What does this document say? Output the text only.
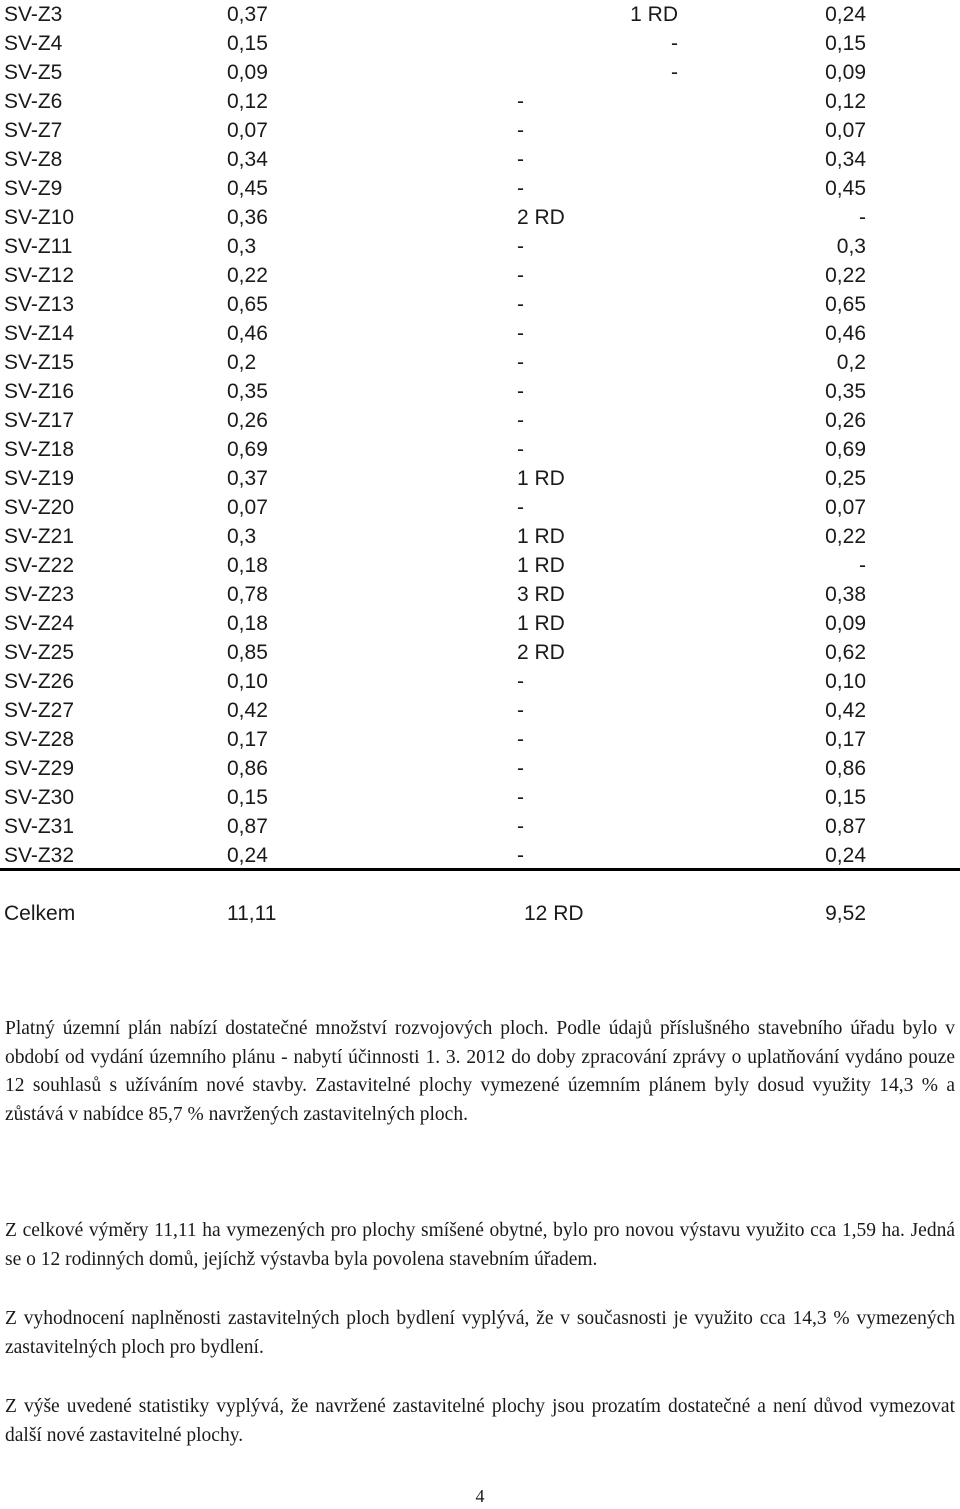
SV-Z3	0,37	1 RD	0,24
SV-Z4	0,15	-	0,15
SV-Z5	0,09	-	0,09
SV-Z6	0,12	-	0,12
SV-Z7	0,07	-	0,07
SV-Z8	0,34	-	0,34
SV-Z9	0,45	-	0,45
SV-Z10	0,36	2 RD	-
SV-Z11	0,3	-	0,3
SV-Z12	0,22	-	0,22
SV-Z13	0,65	-	0,65
SV-Z14	0,46	-	0,46
SV-Z15	0,2	-	0,2
SV-Z16	0,35	-	0,35
SV-Z17	0,26	-	0,26
SV-Z18	0,69	-	0,69
SV-Z19	0,37	1 RD	0,25
SV-Z20	0,07	-	0,07
SV-Z21	0,3	1 RD	0,22
SV-Z22	0,18	1 RD	-
SV-Z23	0,78	3 RD	0,38
SV-Z24	0,18	1 RD	0,09
SV-Z25	0,85	2 RD	0,62
SV-Z26	0,10	-	0,10
SV-Z27	0,42	-	0,42
SV-Z28	0,17	-	0,17
SV-Z29	0,86	-	0,86
SV-Z30	0,15	-	0,15
SV-Z31	0,87	-	0,87
SV-Z32	0,24	-	0,24
Celkem	11,11	12 RD	9,52

Platný územní plán nabízí dostatečné množství rozvojových ploch. Podle údajů příslušného stavebního úřadu bylo v období od vydání územního plánu - nabytí účinnosti 1. 3. 2012 do doby zpracování zprávy o uplatňování vydáno pouze 12 souhlasů s užíváním nové stavby. Zastavitelné plochy vymezené územním plánem byly dosud využity 14,3 % a zůstává v nabídce 85,7 % navržených zastavitelných ploch.

Z celkové výměry 11,11 ha vymezených pro plochy smíšené obytné, bylo pro novou výstavu využito cca 1,59 ha. Jedná se o 12 rodinných domů, jejíchž výstavba byla povolena stavebním úřadem.

Z vyhodnocení naplněnosti zastavitelných ploch bydlení vyplývá, že v současnosti je využito cca 14,3 % vymezených zastavitelných ploch pro bydlení.

Z výše uvedené statistiky vyplývá, že navržené zastavitelné plochy jsou prozatím dostatečné a není důvod vymezovat další nové zastavitelné plochy.

4
